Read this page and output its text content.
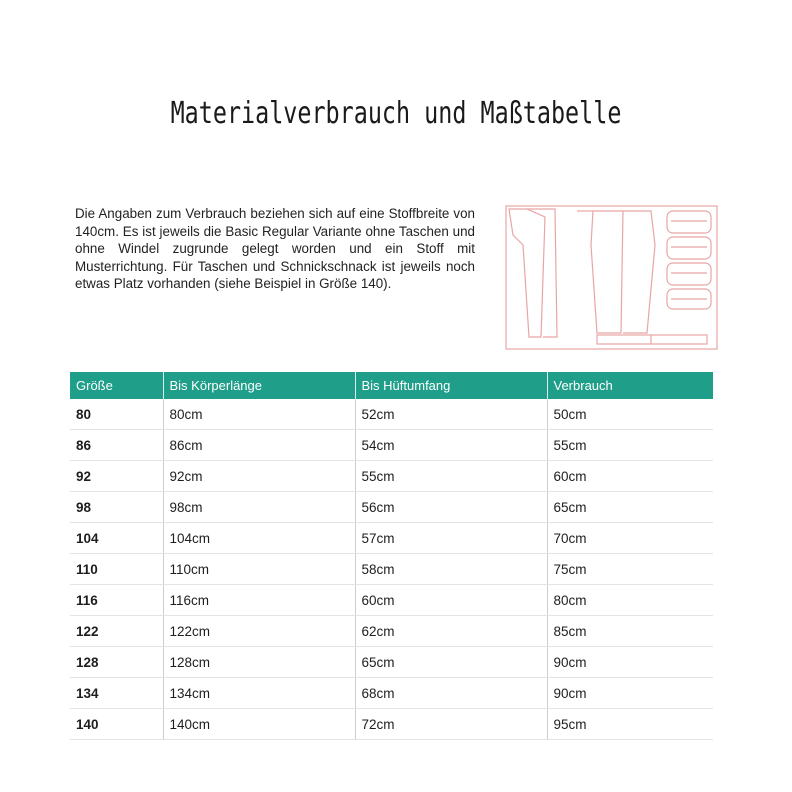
Materialverbrauch und Maßtabelle
Die Angaben zum Verbrauch beziehen sich auf eine Stoffbreite von 140cm. Es ist jeweils die Basic Regular Variante ohne Taschen und ohne Windel zugrunde gelegt worden und ein Stoff mit Musterrichtung. Für Taschen und Schnickschnack ist jeweils noch etwas Platz vorhanden (siehe Beispiel in Größe 140).
Größe	Bis Körperlänge	Bis Hüftumfang	Verbrauch
80	80cm	52cm	50cm
86	86cm	54cm	55cm
92	92cm	55cm	60cm
98	98cm	56cm	65cm
104	104cm	57cm	70cm
110	110cm	58cm	75cm
116	116cm	60cm	80cm
122	122cm	62cm	85cm
128	128cm	65cm	90cm
134	134cm	68cm	90cm
140	140cm	72cm	95cm
